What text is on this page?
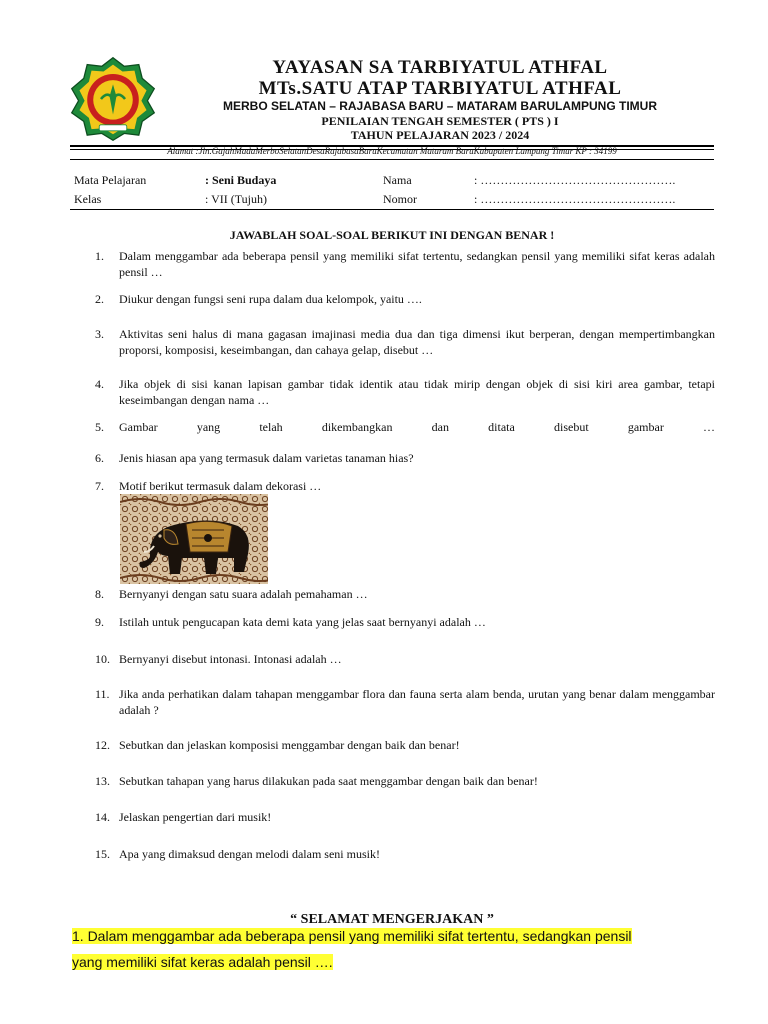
YAYASAN SA TARBIYATUL ATHFAL
MTs.SATU ATAP TARBIYATUL ATHFAL
MERBO SELATAN – RAJABASA BARU – MATARAM BARULAMPUNG TIMUR
PENILAIAN TENGAH SEMESTER ( PTS ) I
TAHUN PELAJARAN 2023 / 2024
Alamat :Jln.GajahMadaMerboSelatanDesaRajabasaBaruKecamatan Mataram BaruKabupaten Lampung Timur KP : 34199
Mata Pelajaran	: Seni Budaya	Nama	: ………………………………………….
Kelas	: VII (Tujuh)	Nomor	: ………………………………………….
JAWABLAH SOAL-SOAL BERIKUT INI DENGAN BENAR !
1. Dalam menggambar ada beberapa pensil yang memiliki sifat tertentu, sedangkan pensil yang memiliki sifat keras adalah pensil …
2. Diukur dengan fungsi seni rupa dalam dua kelompok, yaitu ….
3. Aktivitas seni halus di mana gagasan imajinasi media dua dan tiga dimensi ikut berperan, dengan mempertimbangkan proporsi, komposisi, keseimbangan, dan cahaya gelap, disebut …
4. Jika objek di sisi kanan lapisan gambar tidak identik atau tidak mirip dengan objek di sisi kiri area gambar, tetapi keseimbangan dengan nama …
5. Gambar yang telah dikembangkan dan ditata disebut gambar …
6. Jenis hiasan apa yang termasuk dalam varietas tanaman hias?
7. Motif berikut termasuk dalam dekorasi …
8. Bernyanyi dengan satu suara adalah pemahaman …
9. Istilah untuk pengucapan kata demi kata yang jelas saat bernyanyi adalah …
10. Bernyanyi disebut intonasi. Intonasi adalah …
11. Jika anda perhatikan dalam tahapan menggambar flora dan fauna serta alam benda, urutan yang benar dalam menggambar adalah ?
12. Sebutkan dan jelaskan komposisi menggambar dengan baik dan benar!
13. Sebutkan tahapan yang harus dilakukan pada saat menggambar dengan baik dan benar!
14. Jelaskan pengertian dari musik!
15. Apa yang dimaksud dengan melodi dalam seni musik!
“ SELAMAT MENGERJAKAN ”
1. Dalam menggambar ada beberapa pensil yang memiliki sifat tertentu, sedangkan pensil
yang memiliki sifat keras adalah pensil ….
